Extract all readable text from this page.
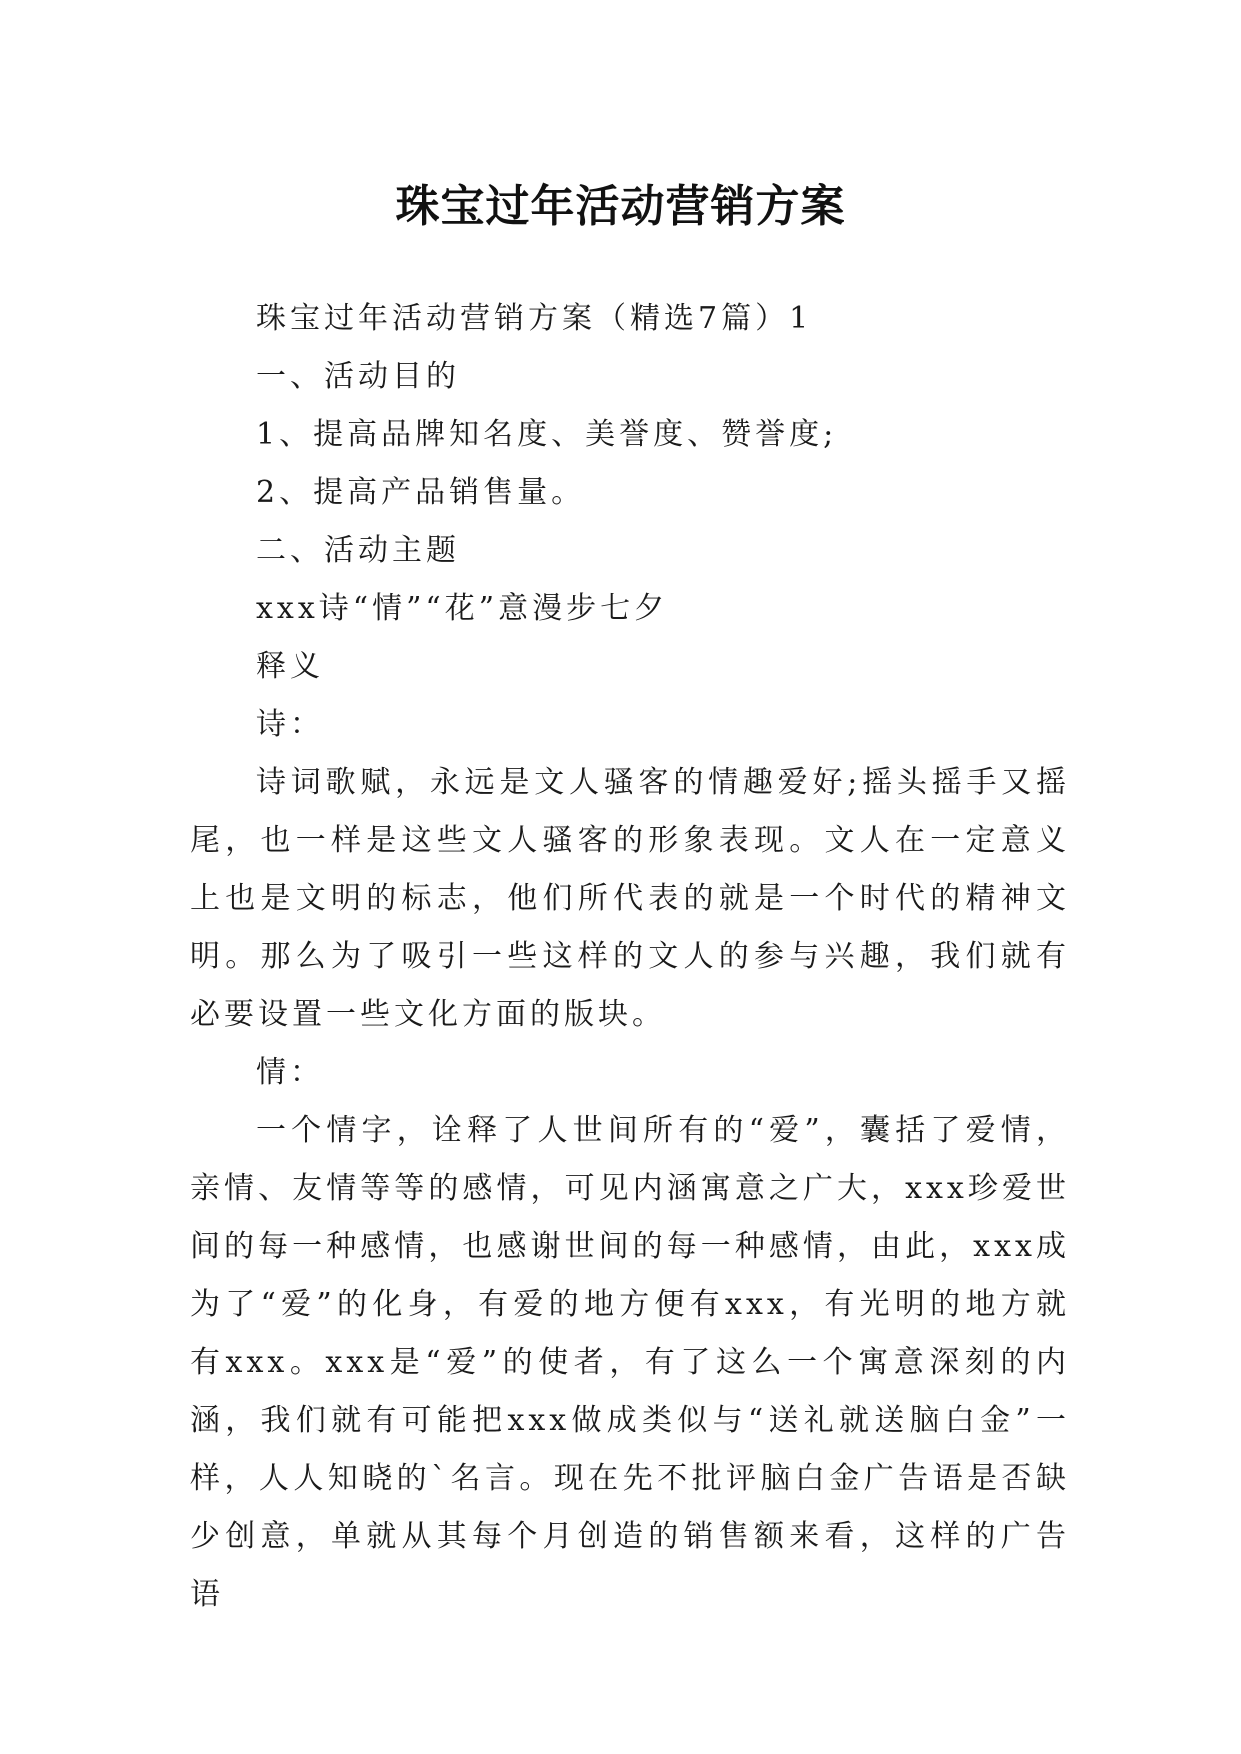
珠宝过年活动营销方案

珠宝过年活动营销方案（精选7篇）1

一、活动目的

1、提高品牌知名度、美誉度、赞誉度;

2、提高产品销售量。

二、活动主题

xxx诗“情”“花”意漫步七夕

释义

诗：

诗词歌赋，永远是文人骚客的情趣爱好;摇头摇手又摇尾，也一样是这些文人骚客的形象表现。文人在一定意义上也是文明的标志，他们所代表的就是一个时代的精神文明。那么为了吸引一些这样的文人的参与兴趣，我们就有必要设置一些文化方面的版块。

情：

一个情字，诠释了人世间所有的“爱”，囊括了爱情，亲情、友情等等的感情，可见内涵寓意之广大，xxx珍爱世间的每一种感情，也感谢世间的每一种感情，由此，xxx成为了“爱”的化身，有爱的地方便有xxx，有光明的地方就有xxx。xxx是“爱”的使者，有了这么一个寓意深刻的内涵，我们就有可能把xxx做成类似与“送礼就送脑白金”一样，人人知晓的`名言。现在先不批评脑白金广告语是否缺少创意，单就从其每个月创造的销售额来看，这样的广告语
